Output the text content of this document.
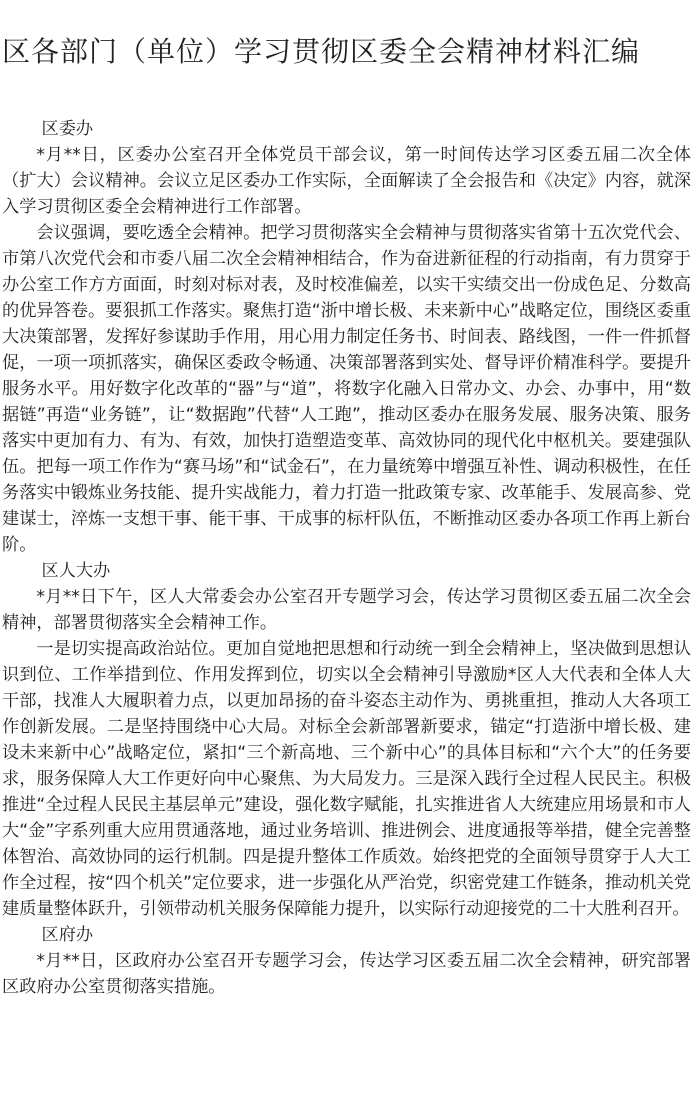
区各部门（单位）学习贯彻区委全会精神材料汇编

区委办

*月**日，区委办公室召开全体党员干部会议，第一时间传达学习区委五届二次全体（扩大）会议精神。会议立足区委办工作实际，全面解读了全会报告和《决定》内容，就深入学习贯彻区委全会精神进行工作部署。

会议强调，要吃透全会精神。把学习贯彻落实全会精神与贯彻落实省第十五次党代会、市第八次党代会和市委八届二次全会精神相结合，作为奋进新征程的行动指南，有力贯穿于办公室工作方方面面，时刻对标对表，及时校准偏差，以实干实绩交出一份成色足、分数高的优异答卷。要狠抓工作落实。聚焦打造“浙中增长极、未来新中心”战略定位，围绕区委重大决策部署，发挥好参谋助手作用，用心用力制定任务书、时间表、路线图，一件一件抓督促，一项一项抓落实，确保区委政令畅通、决策部署落到实处、督导评价精准科学。要提升服务水平。用好数字化改革的“器”与“道”，将数字化融入日常办文、办会、办事中，用“数据链”再造“业务链”，让“数据跑”代替“人工跑”，推动区委办在服务发展、服务决策、服务落实中更加有力、有为、有效，加快打造塑造变革、高效协同的现代化中枢机关。要建强队伍。把每一项工作作为“赛马场”和“试金石”，在力量统筹中增强互补性、调动积极性，在任务落实中锻炼业务技能、提升实战能力，着力打造一批政策专家、改革能手、发展高参、党建谋士，淬炼一支想干事、能干事、干成事的标杆队伍，不断推动区委办各项工作再上新台阶。

区人大办

*月**日下午，区人大常委会办公室召开专题学习会，传达学习贯彻区委五届二次全会精神，部署贯彻落实全会精神工作。

一是切实提高政治站位。更加自觉地把思想和行动统一到全会精神上，坚决做到思想认识到位、工作举措到位、作用发挥到位，切实以全会精神引导激励*区人大代表和全体人大干部，找准人大履职着力点，以更加昂扬的奋斗姿态主动作为、勇挑重担，推动人大各项工作创新发展。二是坚持围绕中心大局。对标全会新部署新要求，锚定“打造浙中增长极、建设未来新中心”战略定位，紧扣“三个新高地、三个新中心”的具体目标和“六个大”的任务要求，服务保障人大工作更好向中心聚焦、为大局发力。三是深入践行全过程人民民主。积极推进“全过程人民民主基层单元”建设，强化数字赋能，扎实推进省人大统建应用场景和市人大“金”字系列重大应用贯通落地，通过业务培训、推进例会、进度通报等举措，健全完善整体智治、高效协同的运行机制。四是提升整体工作质效。始终把党的全面领导贯穿于人大工作全过程，按“四个机关”定位要求，进一步强化从严治党，织密党建工作链条，推动机关党建质量整体跃升，引领带动机关服务保障能力提升，以实际行动迎接党的二十大胜利召开。

区府办

*月**日，区政府办公室召开专题学习会，传达学习区委五届二次全会精神，研究部署区政府办公室贯彻落实措施。
